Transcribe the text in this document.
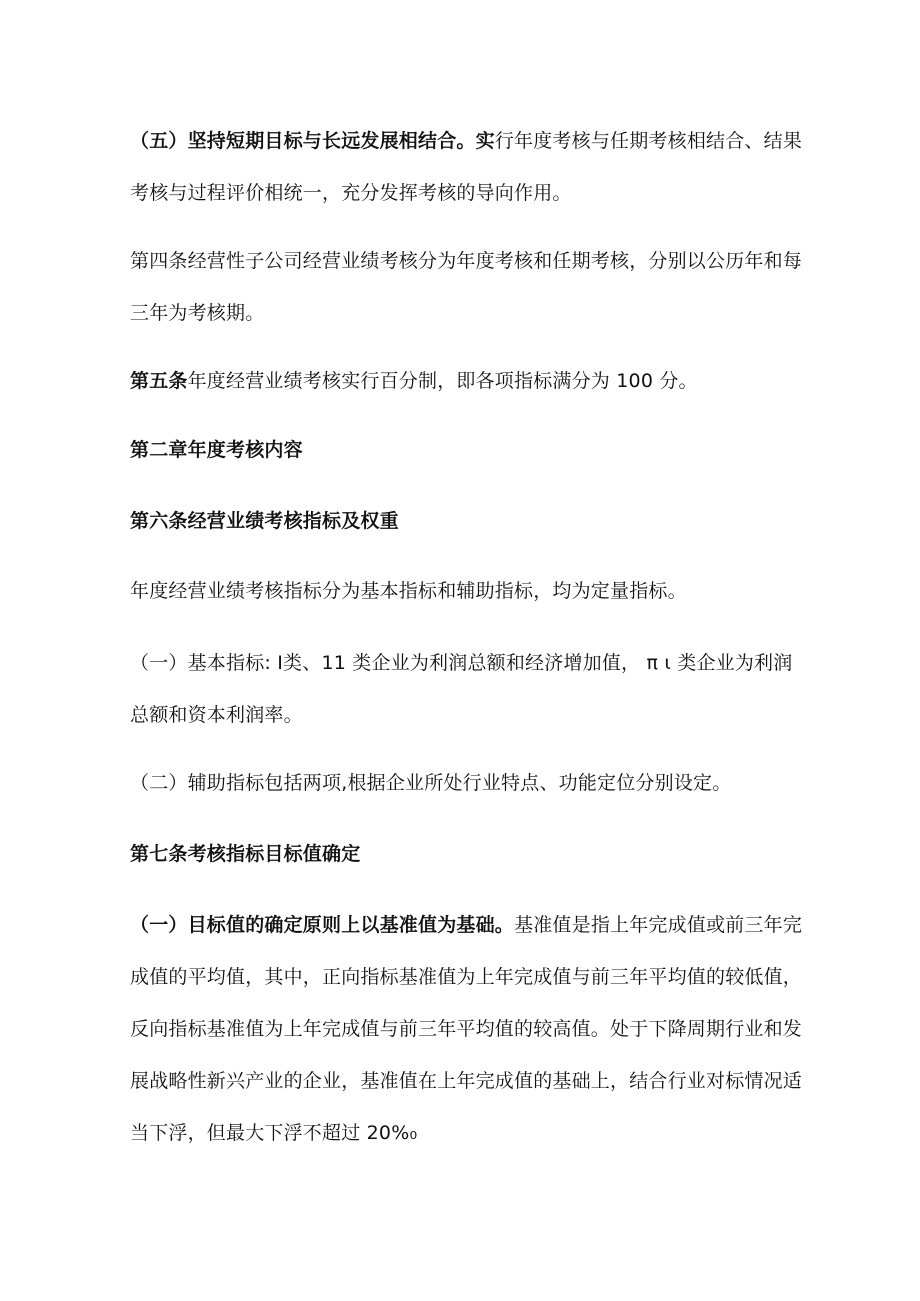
（五）坚持短期目标与长远发展相结合。实行年度考核与任期考核相结合、结果考核与过程评价相统一，充分发挥考核的导向作用。

第四条经营性子公司经营业绩考核分为年度考核和任期考核，分别以公历年和每三年为考核期。

第五条年度经营业绩考核实行百分制，即各项指标满分为 100 分。

第二章年度考核内容

第六条经营业绩考核指标及权重

年度经营业绩考核指标分为基本指标和辅助指标，均为定量指标。

（一）基本指标: Ⅰ类、11 类企业为利润总额和经济增加值， π ι 类企业为利润总额和资本利润率。

（二）辅助指标包括两项,根据企业所处行业特点、功能定位分别设定。

第七条考核指标目标值确定

（一）目标值的确定原则上以基准值为基础。基准值是指上年完成值或前三年完成值的平均值，其中，正向指标基准值为上年完成值与前三年平均值的较低值，反向指标基准值为上年完成值与前三年平均值的较高值。处于下降周期行业和发展战略性新兴产业的企业，基准值在上年完成值的基础上，结合行业对标情况适当下浮，但最大下浮不超过 20%₀
